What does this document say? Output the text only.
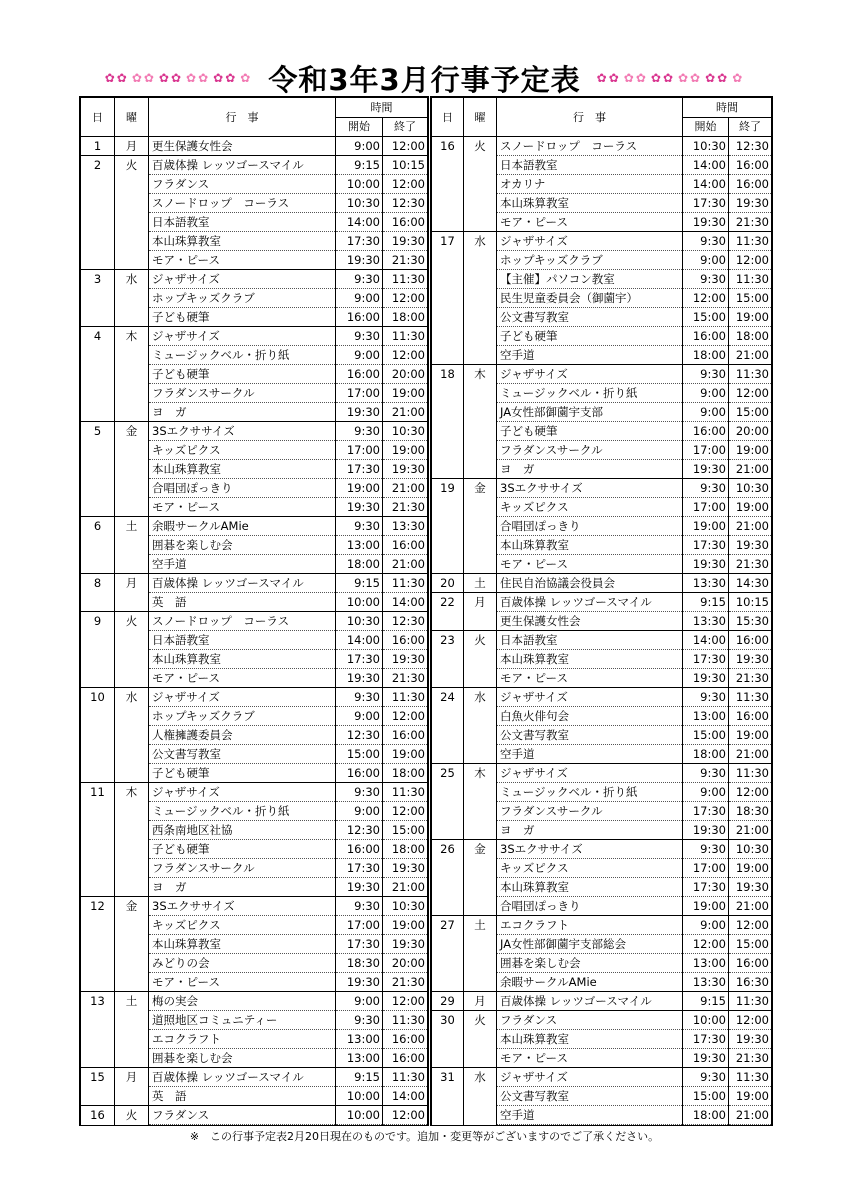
✿✿ ✿✿ ✿✿ ✿✿ ✿✿ ✿ 令和3年3月行事予定表 ✿✿ ✿✿ ✿✿ ✿✿ ✿✿ ✿
日	曜	行　事	時間	
			開始	終了
1	月	更生保護女性会	9:00	12:00
2	火	百歳体操 レッツゴースマイル	9:15	10:15
		フラダンス	10:00	12:00
		スノードロップ　コーラス	10:30	12:30
		日本語教室	14:00	16:00
		本山珠算教室	17:30	19:30
		モア・ピース	19:30	21:30
3	水	ジャザサイズ	9:30	11:30
		ホップキッズクラブ	9:00	12:00
		子ども硬筆	16:00	18:00
4	木	ジャザサイズ	9:30	11:30
		ミュージックベル・折り紙	9:00	12:00
		子ども硬筆	16:00	20:00
		フラダンスサークル	17:00	19:00
		ヨ　ガ	19:30	21:00
5	金	3Sエクササイズ	9:30	10:30
		キッズピクス	17:00	19:00
		本山珠算教室	17:30	19:30
		合唱団ぽっきり	19:00	21:00
		モア・ピース	19:30	21:30
6	土	余暇サークルAMie	9:30	13:30
		囲碁を楽しむ会	13:00	16:00
		空手道	18:00	21:00
8	月	百歳体操 レッツゴースマイル	9:15	11:30
		英　語	10:00	14:00
9	火	スノードロップ　コーラス	10:30	12:30
		日本語教室	14:00	16:00
		本山珠算教室	17:30	19:30
		モア・ピース	19:30	21:30
10	水	ジャザサイズ	9:30	11:30
		ホップキッズクラブ	9:00	12:00
		人権擁護委員会	12:30	16:00
		公文書写教室	15:00	19:00
		子ども硬筆	16:00	18:00
11	木	ジャザサイズ	9:30	11:30
		ミュージックベル・折り紙	9:00	12:00
		西条南地区社協	12:30	15:00
		子ども硬筆	16:00	18:00
		フラダンスサークル	17:30	19:30
		ヨ　ガ	19:30	21:00
12	金	3Sエクササイズ	9:30	10:30
		キッズピクス	17:00	19:00
		本山珠算教室	17:30	19:30
		みどりの会	18:30	20:00
		モア・ピース	19:30	21:30
13	土	梅の実会	9:00	12:00
		道照地区コミュニティー	9:30	11:30
		エコクラフト	13:00	16:00
		囲碁を楽しむ会	13:00	16:00
15	月	百歳体操 レッツゴースマイル	9:15	11:30
		英　語	10:00	14:00
16	火	フラダンス	10:00	12:00
日	曜	行　事	時間	
			開始	終了
16	火	スノードロップ　コーラス	10:30	12:30
		日本語教室	14:00	16:00
		オカリナ	14:00	16:00
		本山珠算教室	17:30	19:30
		モア・ピース	19:30	21:30
17	水	ジャザサイズ	9:30	11:30
		ホップキッズクラブ	9:00	12:00
		【主催】パソコン教室	9:30	11:30
		民生児童委員会（御薗宇）	12:00	15:00
		公文書写教室	15:00	19:00
		子ども硬筆	16:00	18:00
		空手道	18:00	21:00
18	木	ジャザサイズ	9:30	11:30
		ミュージックベル・折り紙	9:00	12:00
		JA女性部御薗宇支部	9:00	15:00
		子ども硬筆	16:00	20:00
		フラダンスサークル	17:00	19:00
		ヨ　ガ	19:30	21:00
19	金	3Sエクササイズ	9:30	10:30
		キッズピクス	17:00	19:00
		合唱団ぽっきり	19:00	21:00
		本山珠算教室	17:30	19:30
		モア・ピース	19:30	21:30
20	土	住民自治協議会役員会	13:30	14:30
22	月	百歳体操 レッツゴースマイル	9:15	10:15
		更生保護女性会	13:30	15:30
23	火	日本語教室	14:00	16:00
		本山珠算教室	17:30	19:30
		モア・ピース	19:30	21:30
24	水	ジャザサイズ	9:30	11:30
		白魚火俳句会	13:00	16:00
		公文書写教室	15:00	19:00
		空手道	18:00	21:00
25	木	ジャザサイズ	9:30	11:30
		ミュージックベル・折り紙	9:00	12:00
		フラダンスサークル	17:30	18:30
		ヨ　ガ	19:30	21:00
26	金	3Sエクササイズ	9:30	10:30
		キッズピクス	17:00	19:00
		本山珠算教室	17:30	19:30
		合唱団ぽっきり	19:00	21:00
27	土	エコクラフト	9:00	12:00
		JA女性部御薗宇支部総会	12:00	15:00
		囲碁を楽しむ会	13:00	16:00
		余暇サークルAMie	13:30	16:30
29	月	百歳体操 レッツゴースマイル	9:15	11:30
30	火	フラダンス	10:00	12:00
		本山珠算教室	17:30	19:30
		モア・ピース	19:30	21:30
31	水	ジャザサイズ	9:30	11:30
		公文書写教室	15:00	19:00
		空手道	18:00	21:00
※　この行事予定表2月20日現在のものです。追加・変更等がございますのでご了承ください。
